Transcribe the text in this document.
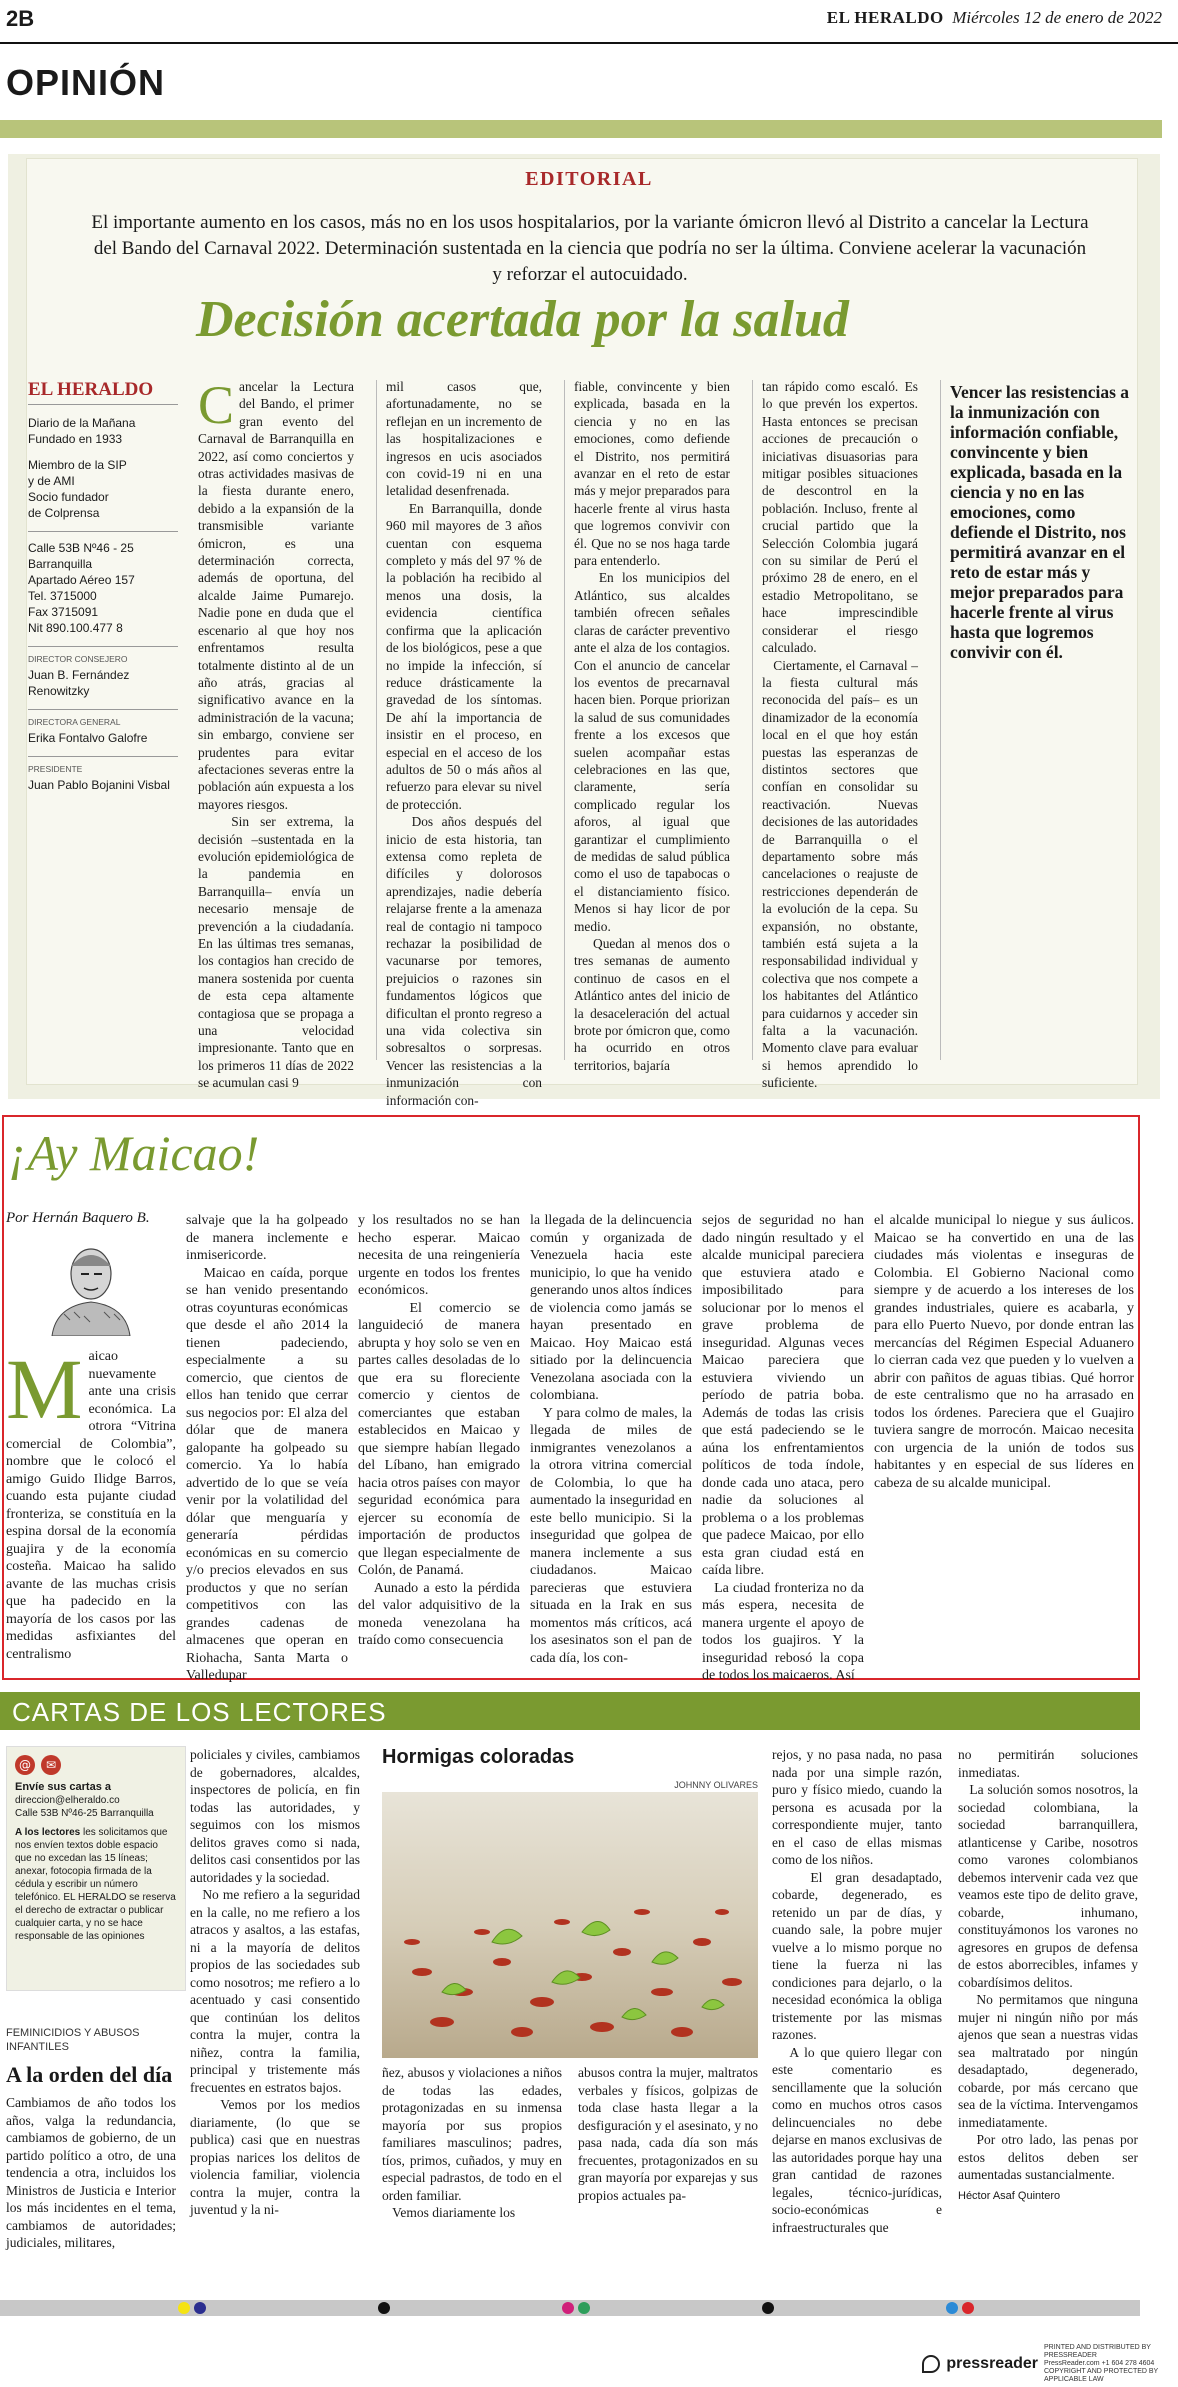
2B	EL HERALDO Miércoles 12 de enero de 2022
OPINIÓN
EDITORIAL
El importante aumento en los casos, más no en los usos hospitalarios, por la variante ómicron llevó al Distrito a cancelar la Lectura del Bando del Carnaval 2022. Determinación sustentada en la ciencia que podría no ser la última. Conviene acelerar la vacunación y reforzar el autocuidado.
Decisión acertada por la salud
EL HERALDO

Diario de la Mañana
Fundado en 1933

Miembro de la SIP
y de AMI
Socio fundador
de Colprensa

Calle 53B Nº46 - 25
Barranquilla
Apartado Aéreo 157
Tel. 3715000
Fax 3715091
Nit 890.100.477 8

DIRECTOR CONSEJERO

Juan B. Fernández Renowitzky

DIRECTORA GENERAL

Erika Fontalvo Galofre

PRESIDENTE

Juan Pablo Bojanini Visbal

Cancelar la Lectura del Bando, el primer gran evento del Carnaval de Barranquilla en 2022, así como conciertos y otras actividades masivas de la fiesta durante enero, debido a la expansión de la transmisible variante ómicron, es una determinación correcta, además de oportuna, del alcalde Jaime Pumarejo. Nadie pone en duda que el escenario al que hoy nos enfrentamos resulta totalmente distinto al de un año atrás, gracias al significativo avance en la administración de la vacuna; sin embargo, conviene ser prudentes para evitar afectaciones severas entre la población aún expuesta a los mayores riesgos.
Sin ser extrema, la decisión –sustentada en la evolución epidemiológica de la pandemia en Barranquilla– envía un necesario mensaje de prevención a la ciudadanía. En las últimas tres semanas, los contagios han crecido de manera sostenida por cuenta de esta cepa altamente contagiosa que se propaga a una velocidad impresionante. Tanto que en los primeros 11 días de 2022 se acumulan casi 9
mil casos que, afortunadamente, no se reflejan en un incremento de las hospitalizaciones e ingresos en ucis asociados con covid-19 ni en una letalidad desenfrenada.
En Barranquilla, donde 960 mil mayores de 3 años cuentan con esquema completo y más del 97 % de la población ha recibido al menos una dosis, la evidencia científica confirma que la aplicación de los biológicos, pese a que no impide la infección, sí reduce drásticamente la gravedad de los síntomas. De ahí la importancia de insistir en el proceso, en especial en el acceso de los adultos de 50 o más años al refuerzo para elevar su nivel de protección.
Dos años después del inicio de esta historia, tan extensa como repleta de difíciles y dolorosos aprendizajes, nadie debería relajarse frente a la amenaza real de contagio ni tampoco rechazar la posibilidad de vacunarse por temores, prejuicios o razones sin fundamentos lógicos que dificultan el pronto regreso a una vida colectiva sin sobresaltos o sorpresas. Vencer las resistencias a la inmunización con información con-
fiable, convincente y bien explicada, basada en la ciencia y no en las emociones, como defiende el Distrito, nos permitirá avanzar en el reto de estar más y mejor preparados para hacerle frente al virus hasta que logremos convivir con él. Que no se nos haga tarde para entenderlo.
En los municipios del Atlántico, sus alcaldes también ofrecen señales claras de carácter preventivo ante el alza de los contagios. Con el anuncio de cancelar los eventos de precarnaval hacen bien. Porque priorizan la salud de sus comunidades frente a los excesos que suelen acompañar estas celebraciones en las que, claramente, sería complicado regular los aforos, al igual que garantizar el cumplimiento de medidas de salud pública como el uso de tapabocas o el distanciamiento físico. Menos si hay licor de por medio.
Quedan al menos dos o tres semanas de aumento continuo de casos en el Atlántico antes del inicio de la desaceleración del actual brote por ómicron que, como ha ocurrido en otros territorios, bajaría
tan rápido como escaló. Es lo que prevén los expertos. Hasta entonces se precisan acciones de precaución o iniciativas disuasorias para mitigar posibles situaciones de descontrol en la población. Incluso, frente al crucial partido que la Selección Colombia jugará con su similar de Perú el próximo 28 de enero, en el estadio Metropolitano, se hace imprescindible considerar el riesgo calculado.
Ciertamente, el Carnaval –la fiesta cultural más reconocida del país– es un dinamizador de la economía local en el que hoy están puestas las esperanzas de distintos sectores que confían en consolidar su reactivación. Nuevas decisiones de las autoridades de Barranquilla o el departamento sobre más cancelaciones o reajuste de restricciones dependerán de la evolución de la cepa. Su expansión, no obstante, también está sujeta a la responsabilidad individual y colectiva que nos compete a los habitantes del Atlántico para cuidarnos y acceder sin falta a la vacunación. Momento clave para evaluar si hemos aprendido lo suficiente.
Vencer las resistencias a la inmunización con información confiable, convincente y bien explicada, basada en la ciencia y no en las emociones, como defiende el Distrito, nos permitirá avanzar en el reto de estar más y mejor preparados para hacerle frente al virus hasta que logremos convivir con él.
¡Ay Maicao!
Por Hernán Baquero B.
Maicao nuevamente ante una crisis económica. La otrora “Vitrina comercial de Colombia”, nombre que le colocó el amigo Guido Ilidge Barros, cuando esta pujante ciudad fronteriza, se constituía en la espina dorsal de la economía guajira y de la economía costeña. Maicao ha salido avante de las muchas crisis que ha padecido en la mayoría de los casos por las medidas asfixiantes del centralismo
salvaje que la ha golpeado de manera inclemente e inmisericorde.
Maicao en caída, porque se han venido presentando otras coyunturas económicas que desde el año 2014 la tienen padeciendo, especialmente a su comercio, que cientos de ellos han tenido que cerrar sus negocios por: El alza del dólar que de manera galopante ha golpeado su comercio. Ya lo había advertido de lo que se veía venir por la volatilidad del dólar que menguaría y generaría pérdidas económicas en su comercio y/o precios elevados en sus productos y que no serían competitivos con las grandes cadenas de almacenes que operan en Riohacha, Santa Marta o Valledupar
y los resultados no se han hecho esperar. Maicao necesita de una reingeniería urgente en todos los frentes económicos.
El comercio se languideció de manera abrupta y hoy solo se ven en partes calles desoladas de lo que era su floreciente comercio y cientos de comerciantes que estaban establecidos en Maicao y que siempre habían llegado del Líbano, han emigrado hacia otros países con mayor seguridad económica para ejercer su economía de importación de productos que llegan especialmente de Colón, de Panamá.
Aunado a esto la pérdida del valor adquisitivo de la moneda venezolana ha traído como consecuencia
la llegada de la delincuencia común y organizada de Venezuela hacia este municipio, lo que ha venido generando unos altos índices de violencia como jamás se hayan presentado en Maicao. Hoy Maicao está sitiado por la delincuencia Venezolana asociada con la colombiana.
Y para colmo de males, la llegada de miles de inmigrantes venezolanos a la otrora vitrina comercial de Colombia, lo que ha aumentado la inseguridad en este bello municipio. Si la inseguridad que golpea de manera inclemente a sus ciudadanos. Maicao parecieras que estuviera situada en la Irak en sus momentos más críticos, acá los asesinatos son el pan de cada día, los con-
sejos de seguridad no han dado ningún resultado y el alcalde municipal pareciera que estuviera atado e imposibilitado para solucionar por lo menos el grave problema de inseguridad. Algunas veces Maicao pareciera que estuviera viviendo un período de patria boba. Además de todas las crisis que está padeciendo se le aúna los enfrentamientos políticos de toda índole, donde cada uno ataca, pero nadie da soluciones al problema o a los problemas que padece Maicao, por ello esta gran ciudad está en caída libre.
La ciudad fronteriza no da más espera, necesita de manera urgente el apoyo de todos los guajiros. Y la inseguridad rebosó la copa de todos los maicaeros. Así
el alcalde municipal lo niegue y sus áulicos. Maicao se ha convertido en una de las ciudades más violentas e inseguras de Colombia. El Gobierno Nacional como siempre y de acuerdo a los intereses de los grandes industriales, quiere es acabarla, y para ello Puerto Nuevo, por donde entran las mercancías del Régimen Especial Aduanero lo cierran cada vez que pueden y lo vuelven a abrir con pañitos de aguas tibias. Qué horror de este centralismo que no ha arrasado en todos los órdenes. Pareciera que el Guajiro tuviera sangre de morrocón. Maicao necesita con urgencia de la unión de todos sus habitantes y en especial de sus líderes en cabeza de su alcalde municipal.
CARTAS DE LOS LECTORES
@	✉
Envíe sus cartas a
direccion@elheraldo.co
Calle 53B Nº46-25 Barranquilla
A los lectores les solicitamos que nos envíen textos doble espacio que no excedan las 15 líneas; anexar, fotocopia firmada de la cédula y escribir un número telefónico. EL HERALDO se reserva el derecho de extractar o publicar cualquier carta, y no se hace responsable de las opiniones
FEMINICIDIOS Y ABUSOS INFANTILES
A la orden del día
Cambiamos de año todos los años, valga la redundancia, cambiamos de gobierno, de un partido político a otro, de una tendencia a otra, incluidos los Ministros de Justicia e Interior los más incidentes en el tema, cambiamos de autoridades; judiciales, militares,
policiales y civiles, cambiamos de gobernadores, alcaldes, inspectores de policía, en fin todas las autoridades, y seguimos con los mismos delitos graves como si nada, delitos casi consentidos por las autoridades y la sociedad.
No me refiero a la seguridad en la calle, no me refiero a los atracos y asaltos, a las estafas, ni a la mayoría de delitos propios de las sociedades sub como nosotros; me refiero a lo acentuado y casi consentido que continúan los delitos contra la mujer, contra la niñez, contra la familia, principal y tristemente más frecuentes en estratos bajos.
Vemos por los medios diariamente, (lo que se publica) casi que en nuestras propias narices los delitos de violencia familiar, violencia contra la mujer, contra la juventud y la ni-
Hormigas coloradas
JOHNNY OLIVARES
ñez, abusos y violaciones a niños de todas las edades, protagonizadas en su inmensa mayoría por sus propios familiares masculinos; padres, tíos, primos, cuñados, y muy en especial padrastos, de todo en el orden familiar.
Vemos diariamente los
abusos contra la mujer, maltratos verbales y físicos, golpizas de toda clase hasta llegar a la desfiguración y el asesinato, y no pasa nada, cada día son más frecuentes, protagonizados en su gran mayoría por exparejas y sus propios actuales pa-
rejos, y no pasa nada, no pasa nada por una simple razón, puro y físico miedo, cuando la persona es acusada por la correspondiente mujer, tanto en el caso de ellas mismas como de los niños.
El gran desadaptado, cobarde, degenerado, es retenido un par de días, y cuando sale, la pobre mujer vuelve a lo mismo porque no tiene la fuerza ni las condiciones para dejarlo, o la necesidad económica la obliga tristemente por las mismas razones.
A lo que quiero llegar con este comentario es sencillamente que la solución como en muchos otros casos delincuenciales no debe dejarse en manos exclusivas de las autoridades porque hay una gran cantidad de razones legales, técnico-jurídicas, socio-económicas e infraestructurales que
no permitirán soluciones inmediatas.
La solución somos nosotros, la sociedad colombiana, la sociedad barranquillera, atlanticense y Caribe, nosotros como varones colombianos debemos intervenir cada vez que veamos este tipo de delito grave, cobarde, inhumano, constituyámonos los varones no agresores en grupos de defensa de estos aborrecibles, infames y cobardísimos delitos.
No permitamos que ninguna mujer ni ningún niño por más ajenos que sean a nuestras vidas sea maltratado por ningún desadaptado, degenerado, cobarde, por más cercano que sea de la víctima. Intervengamos inmediatamente.
Por otro lado, las penas por estos delitos deben ser aumentadas sustancialmente.
Héctor Asaf Quintero
pressreader
PRINTED AND DISTRIBUTED BY PRESSREADER
PressReader.com +1 604 278 4604
COPYRIGHT AND PROTECTED BY APPLICABLE LAW
